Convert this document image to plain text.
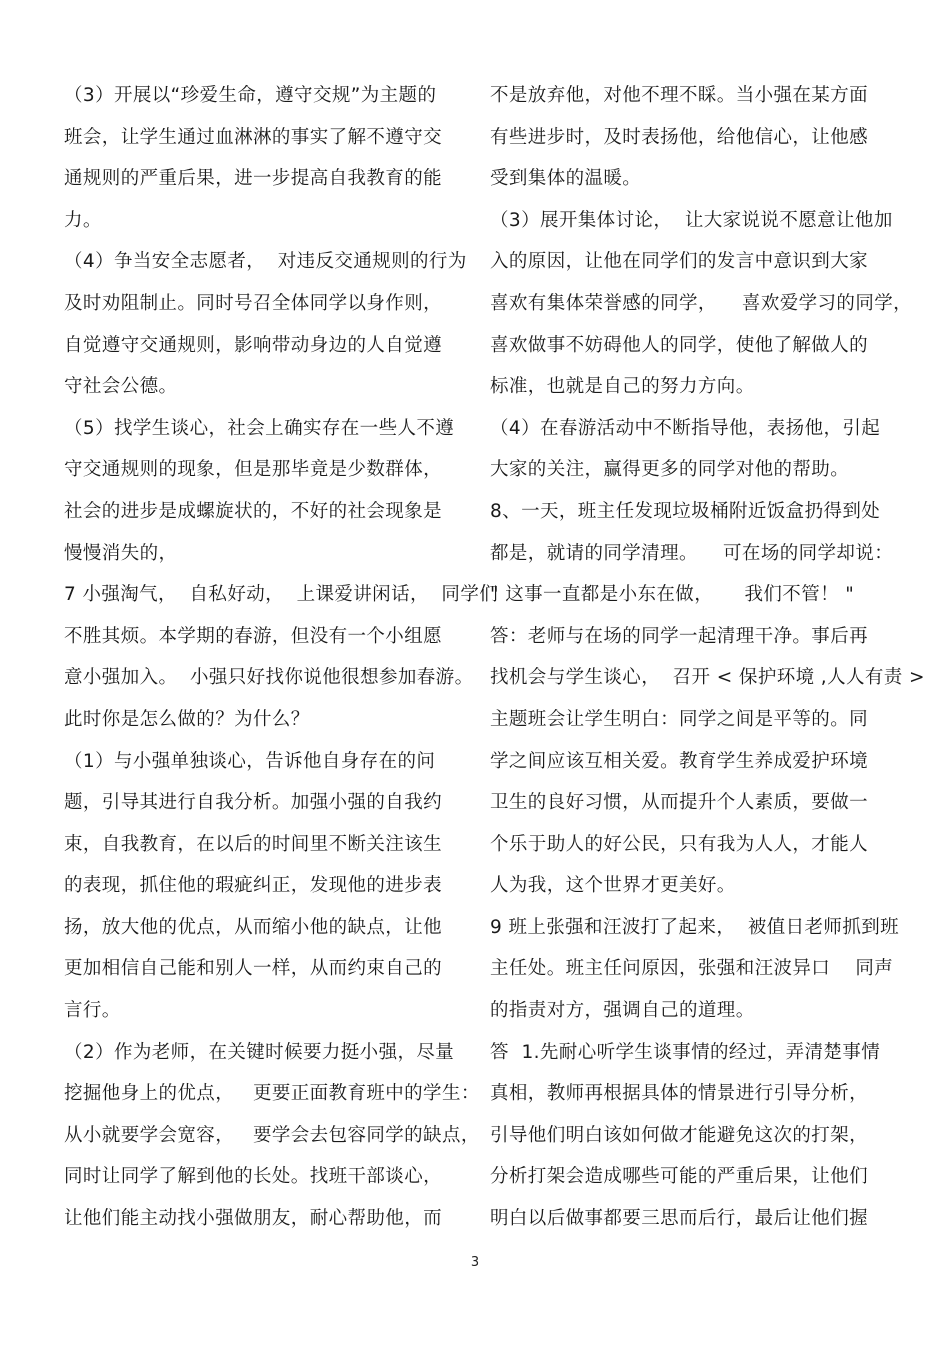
（3）开展以“珍爱生命，遵守交规”为主题的
班会，让学生通过血淋淋的事实了解不遵守交
通规则的严重后果，进一步提高自我教育的能
力。
（4）争当安全志愿者，  对违反交通规则的行为
及时劝阻制止。同时号召全体同学以身作则，
自觉遵守交通规则，影响带动身边的人自觉遵
守社会公德。
（5）找学生谈心，社会上确实存在一些人不遵
守交通规则的现象，但是那毕竟是少数群体，
社会的进步是成螺旋状的，不好的社会现象是
慢慢消失的，
7 小强淘气，  自私好动，  上课爱讲闲话，  同学们
不胜其烦。本学期的春游，但没有一个小组愿
意小强加入。  小强只好找你说他很想参加春游。
此时你是怎么做的？为什么？
（1）与小强单独谈心，告诉他自身存在的问
题，引导其进行自我分析。加强小强的自我约
束，自我教育，在以后的时间里不断关注该生
的表现，抓住他的瑕疵纠正，发现他的进步表
扬，放大他的优点，从而缩小他的缺点，让他
更加相信自己能和别人一样，从而约束自己的
言行。
（2）作为老师，在关键时候要力挺小强，尽量
挖掘他身上的优点，   更要正面教育班中的学生：
从小就要学会宽容，   要学会去包容同学的缺点，
同时让同学了解到他的长处。找班干部谈心，
让他们能主动找小强做朋友，耐心帮助他，而
不是放弃他，对他不理不睬。当小强在某方面
有些进步时，及时表扬他，给他信心，让他感
受到集体的温暖。
（3）展开集体讨论，  让大家说说不愿意让他加
入的原因，让他在同学们的发言中意识到大家
喜欢有集体荣誉感的同学，    喜欢爱学习的同学，
喜欢做事不妨碍他人的同学，使他了解做人的
标准，也就是自己的努力方向。
（4）在春游活动中不断指导他，表扬他，引起
大家的关注，赢得更多的同学对他的帮助。
8、一天，班主任发现垃圾桶附近饭盒扔得到处
都是，就请的同学清理。    可在场的同学却说：
" 这事一直都是小东在做，     我们不管！ "
答：老师与在场的同学一起清理干净。事后再
找机会与学生谈心，  召开 < 保护环境 ,人人有责 >
主题班会让学生明白：同学之间是平等的。同
学之间应该互相关爱。教育学生养成爱护环境
卫生的良好习惯，从而提升个人素质，要做一
个乐于助人的好公民，只有我为人人，才能人
人为我，这个世界才更美好。
9 班上张强和汪波打了起来，  被值日老师抓到班
主任处。班主任问原因，张强和汪波异口    同声
的指责对方，强调自己的道理。
答  1.先耐心听学生谈事情的经过，弄清楚事情
真相，教师再根据具体的情景进行引导分析，
引导他们明白该如何做才能避免这次的打架，
分析打架会造成哪些可能的严重后果，让他们
明白以后做事都要三思而后行，最后让他们握
3
